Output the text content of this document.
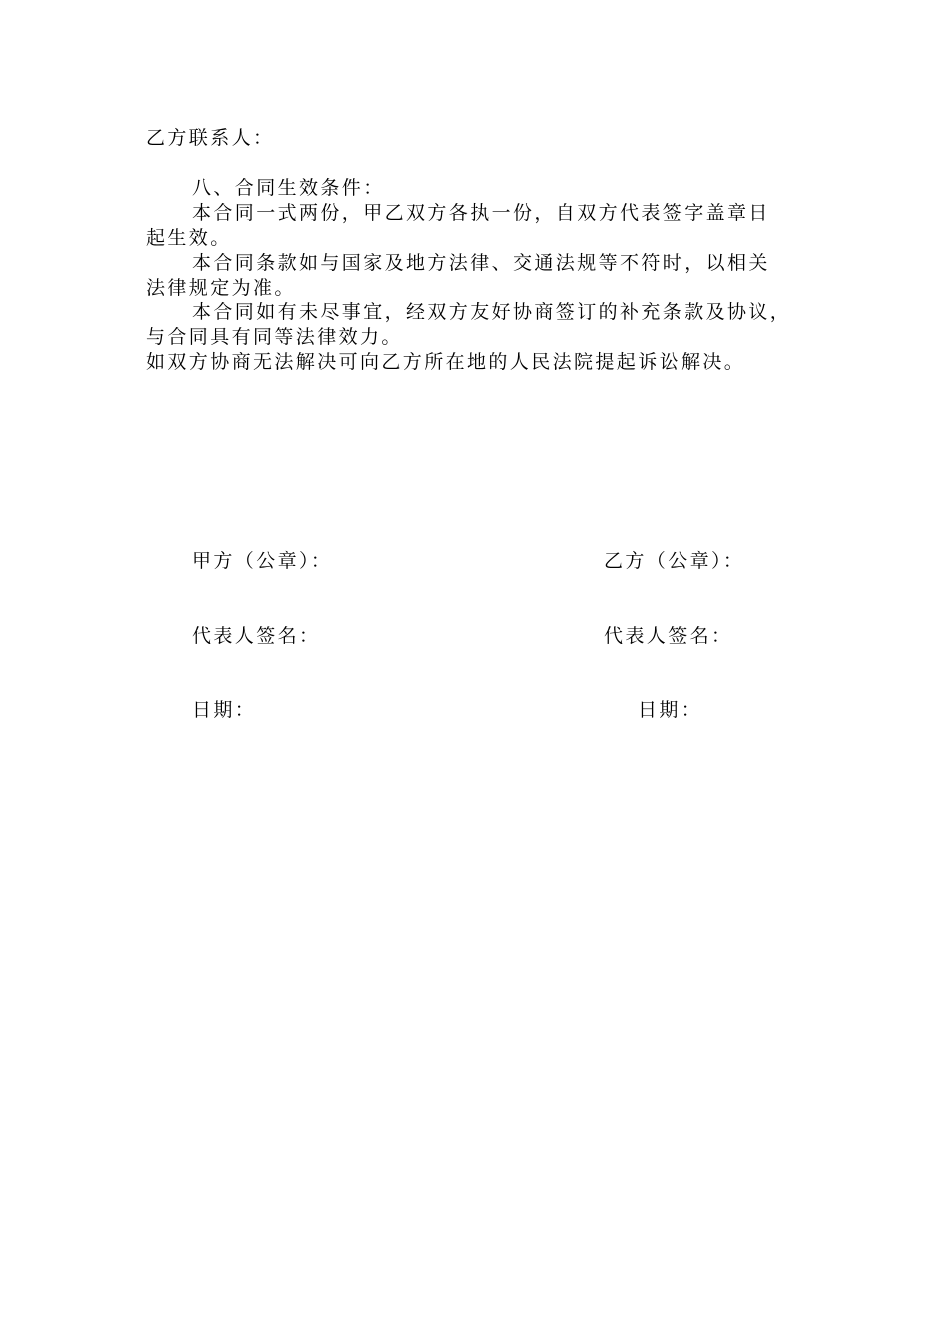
乙方联系人：
八、合同生效条件：
本合同一式两份，甲乙双方各执一份，自双方代表签字盖章日
起生效。
本合同条款如与国家及地方法律、交通法规等不符时，以相关
法律规定为准。
本合同如有未尽事宜，经双方友好协商签订的补充条款及协议，
与合同具有同等法律效力。
如双方协商无法解决可向乙方所在地的人民法院提起诉讼解决。
甲方（公章）：	乙方（公章）：
代表人签名：	代表人签名：
日期：	日期：
